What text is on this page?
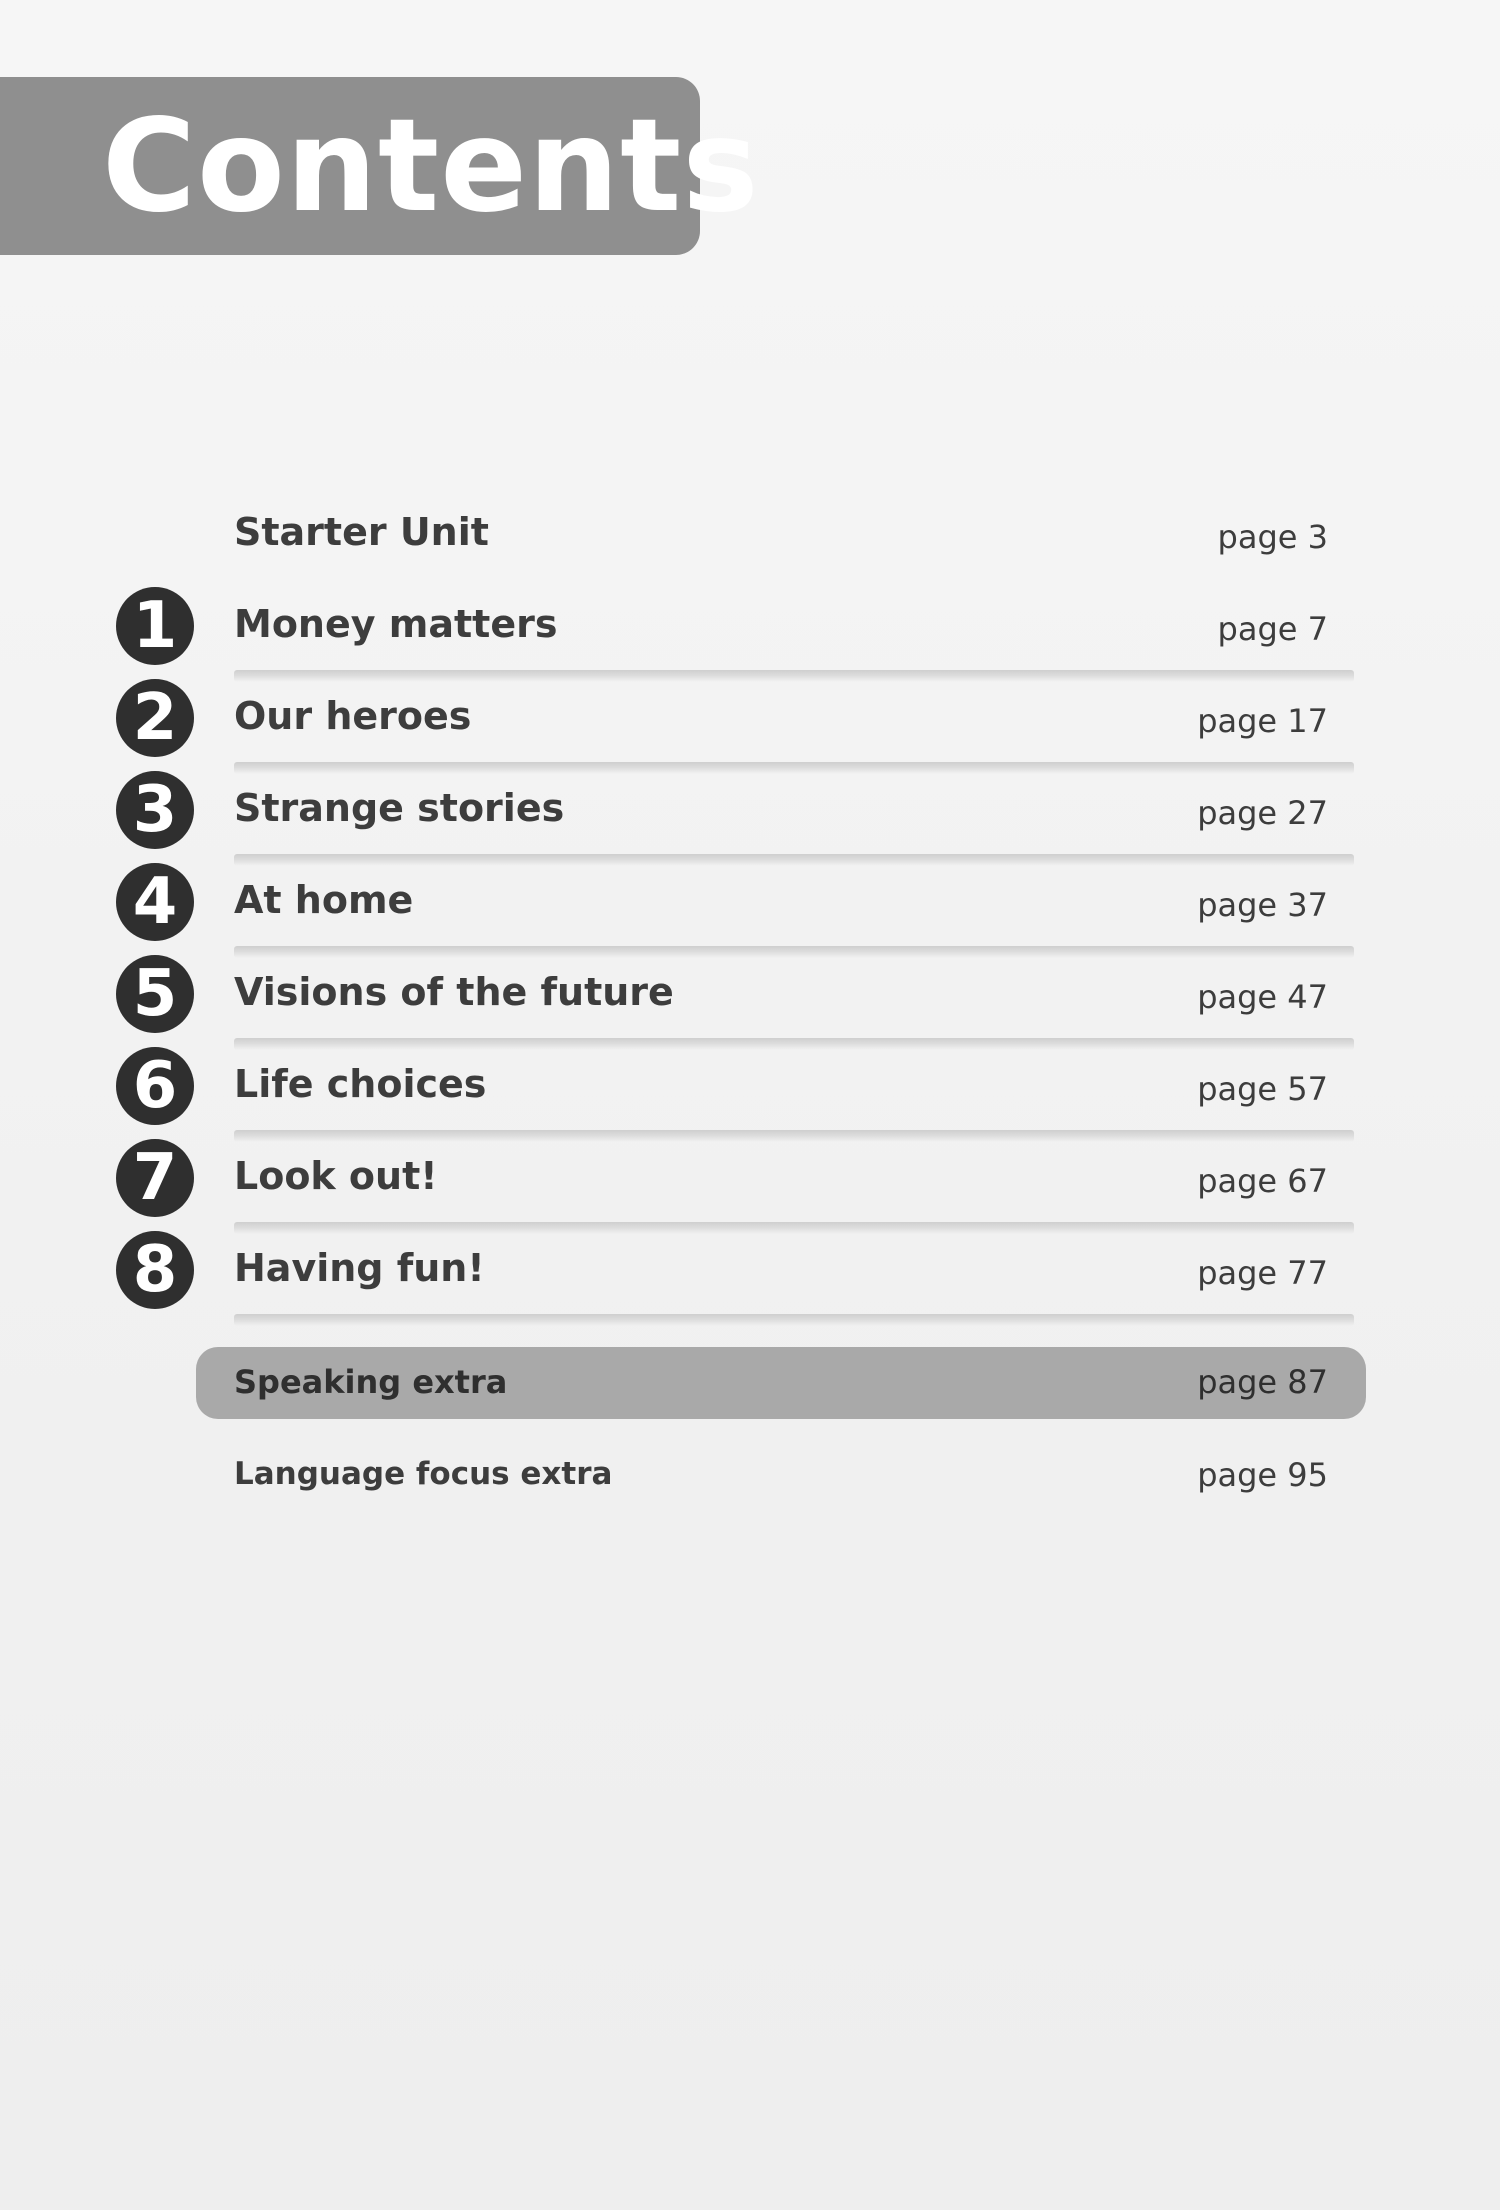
Contents
Starter Unit	page 3
1	Money matters	page 7
2	Our heroes	page 17
3	Strange stories	page 27
4	At home	page 37
5	Visions of the future	page 47
6	Life choices	page 57
7	Look out!	page 67
8	Having fun!	page 77
Speaking extra	page 87
Language focus extra	page 95
